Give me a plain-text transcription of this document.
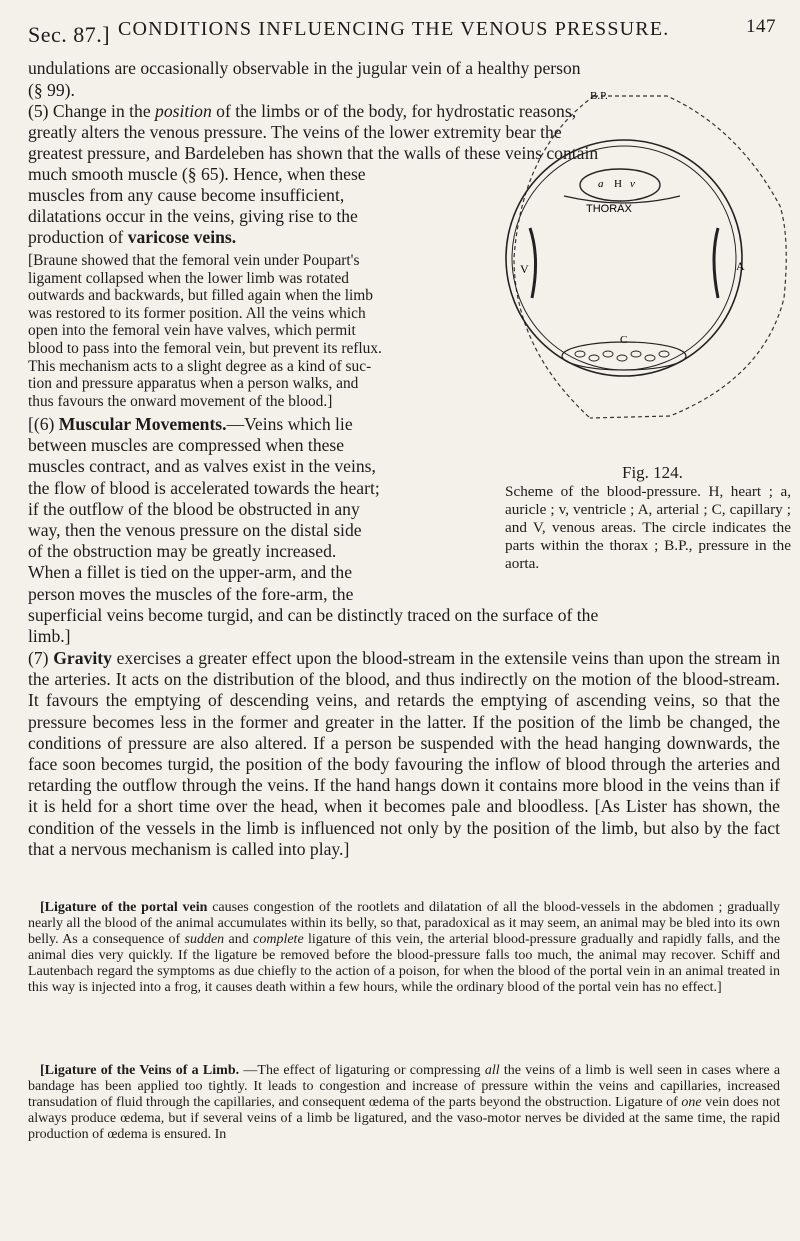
Sec. 87.] CONDITIONS INFLUENCING THE VENOUS PRESSURE.	147

undulations are occasionally observable in the jugular vein of a healthy person

(§ 99).

(5) Change in the position of the limbs or of the body, for hydrostatic reasons,

greatly alters the venous pressure. The veins of the lower extremity bear the

greatest pressure, and Bardeleben has shown that the walls of these veins contain

much smooth muscle (§ 65). Hence, when these

muscles from any cause become insufficient,

dilatations occur in the veins, giving rise to the

production of varicose veins.

[Braune showed that the femoral vein under Poupart's

ligament collapsed when the lower limb was rotated

outwards and backwards, but filled again when the limb

was restored to its former position. All the veins which

open into the femoral vein have valves, which permit

blood to pass into the femoral vein, but prevent its reflux.

This mechanism acts to a slight degree as a kind of suc-

tion and pressure apparatus when a person walks, and

thus favours the onward movement of the blood.]

[(6) Muscular Movements.—Veins which lie

between muscles are compressed when these

muscles contract, and as valves exist in the veins,

the flow of blood is accelerated towards the heart;

if the outflow of the blood be obstructed in any

way, then the venous pressure on the distal side

of the obstruction may be greatly increased.

When a fillet is tied on the upper-arm, and the

person moves the muscles of the fore-arm, the

superficial veins become turgid, and can be distinctly traced on the surface of the

limb.]

(7) Gravity exercises a greater effect upon the blood-stream in the extensile veins than upon the stream in the arteries. It acts on the distribution of the blood, and thus indirectly on the motion of the blood-stream. It favours the emptying of descending veins, and retards the emptying of ascending veins, so that the pressure becomes less in the former and greater in the latter. If the position of the limb be changed, the conditions of pressure are also altered. If a person be suspended with the head hanging downwards, the face soon becomes turgid, the position of the body favouring the inflow of blood through the arteries and retarding the outflow through the veins. If the hand hangs down it contains more blood in the veins than if it is held for a short time over the head, when it becomes pale and bloodless. [As Lister has shown, the condition of the vessels in the limb is influenced not only by the position of the limb, but also by the fact that a nervous mechanism is called into play.]

[Ligature of the portal vein causes congestion of the rootlets and dilatation of all the blood-vessels in the abdomen ; gradually nearly all the blood of the animal accumulates within its belly, so that, paradoxical as it may seem, an animal may be bled into its own belly. As a consequence of sudden and complete ligature of this vein, the arterial blood-pressure gradually and rapidly falls, and the animal dies very quickly. If the ligature be removed before the blood-pressure falls too much, the animal may recover. Schiff and Lautenbach regard the symptoms as due chiefly to the action of a poison, for when the blood of the portal vein in an animal treated in this way is injected into a frog, it causes death within a few hours, while the ordinary blood of the portal vein has no effect.]

[Ligature of the Veins of a Limb. —The effect of ligaturing or compressing all the veins of a limb is well seen in cases where a bandage has been applied too tightly. It leads to congestion and increase of pressure within the veins and capillaries, increased transudation of fluid through the capillaries, and consequent œdema of the parts beyond the obstruction. Ligature of one vein does not always produce œdema, but if several veins of a limb be ligatured, and the vaso-motor nerves be divided at the same time, the rapid production of œdema is ensured. In

B.P.
a H v
THORAX
V	A
C
Fig. 124.
Scheme of the blood-pressure. H, heart ; a, auricle ; v, ventricle ; A, arterial ; C, capillary ; and V, venous areas. The circle indicates the parts within the thorax ; B.P., pressure in the aorta.
